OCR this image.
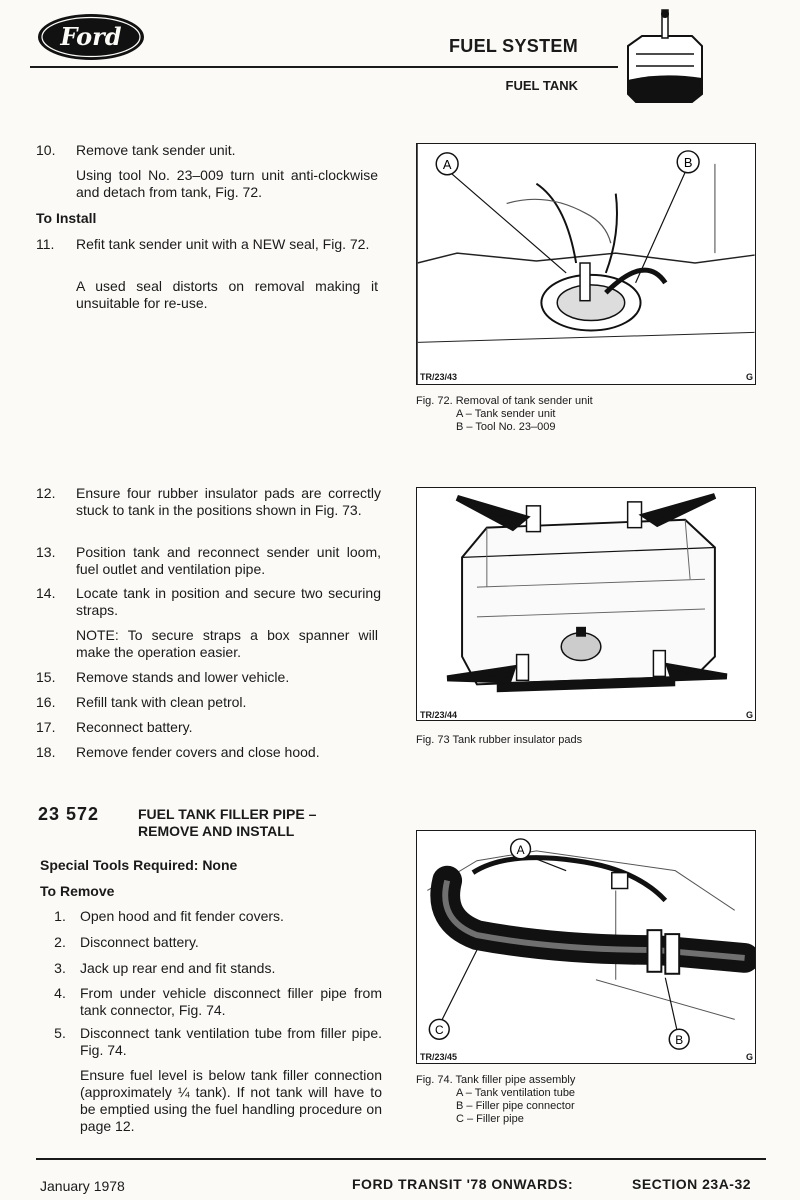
Ford	FUEL SYSTEM
FUEL TANK
10.	Remove tank sender unit.
Using tool No. 23–009 turn unit anti-clockwise and detach from tank, Fig. 72.
To Install
11.	Refit tank sender unit with a NEW seal, Fig. 72.
A used seal distorts on removal making it unsuitable for re-use.
12.	Ensure four rubber insulator pads are correctly stuck to tank in the positions shown in Fig. 73.
13.	Position tank and reconnect sender unit loom, fuel outlet and ventilation pipe.
14.	Locate tank in position and secure two securing straps.
NOTE: To secure straps a box spanner will make the operation easier.
15.	Remove stands and lower vehicle.
16.	Refill tank with clean petrol.
17.	Reconnect battery.
18.	Remove fender covers and close hood.
23 572	FUEL TANK FILLER PIPE –
REMOVE AND INSTALL
Special Tools Required: None
To Remove
1.	Open hood and fit fender covers.
2.	Disconnect battery.
3.	Jack up rear end and fit stands.
4.	From under vehicle disconnect filler pipe from tank connector, Fig. 74.
5.	Disconnect tank ventilation tube from filler pipe. Fig. 74.
Ensure fuel level is below tank filler connection (approximately ¼ tank). If not tank will have to be emptied using the fuel handling procedure on page 12.
A	B
TR/23/43	G
Fig. 72. Removal of tank sender unit
A – Tank sender unit
B – Tool No. 23–009
TR/23/44	G
Fig. 73 Tank rubber insulator pads
A
B
C
TR/23/45	G
Fig. 74. Tank filler pipe assembly
A – Tank ventilation tube
B – Filler pipe connector
C – Filler pipe
January 1978	FORD TRANSIT '78 ONWARDS:	SECTION 23A-32
